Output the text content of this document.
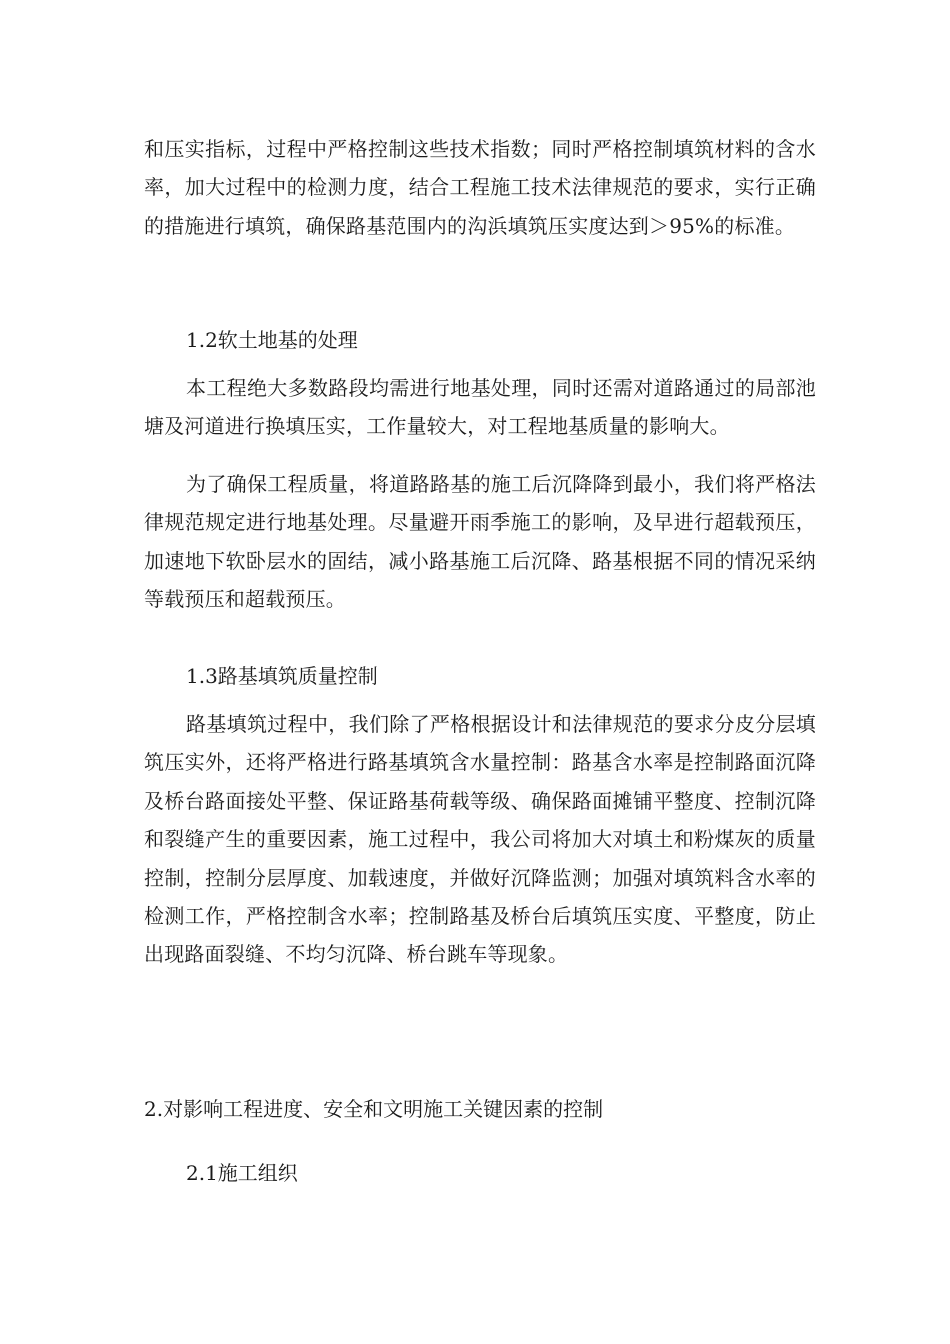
和压实指标，过程中严格控制这些技术指数；同时严格控制填筑材料的含水率，加大过程中的检测力度，结合工程施工技术法律规范的要求，实行正确的措施进行填筑，确保路基范围内的沟浜填筑压实度达到＞95%的标准。

1.2软土地基的处理

本工程绝大多数路段均需进行地基处理，同时还需对道路通过的局部池塘及河道进行换填压实，工作量较大，对工程地基质量的影响大。

为了确保工程质量，将道路路基的施工后沉降降到最小，我们将严格法律规范规定进行地基处理。尽量避开雨季施工的影响，及早进行超载预压，加速地下软卧层水的固结，减小路基施工后沉降、路基根据不同的情况采纳等载预压和超载预压。

1.3路基填筑质量控制

路基填筑过程中，我们除了严格根据设计和法律规范的要求分皮分层填筑压实外，还将严格进行路基填筑含水量控制：路基含水率是控制路面沉降及桥台路面接处平整、保证路基荷载等级、确保路面摊铺平整度、控制沉降和裂缝产生的重要因素，施工过程中，我公司将加大对填土和粉煤灰的质量控制，控制分层厚度、加载速度，并做好沉降监测；加强对填筑料含水率的检测工作，严格控制含水率；控制路基及桥台后填筑压实度、平整度，防止出现路面裂缝、不均匀沉降、桥台跳车等现象。

2.对影响工程进度、安全和文明施工关键因素的控制

2.1施工组织
